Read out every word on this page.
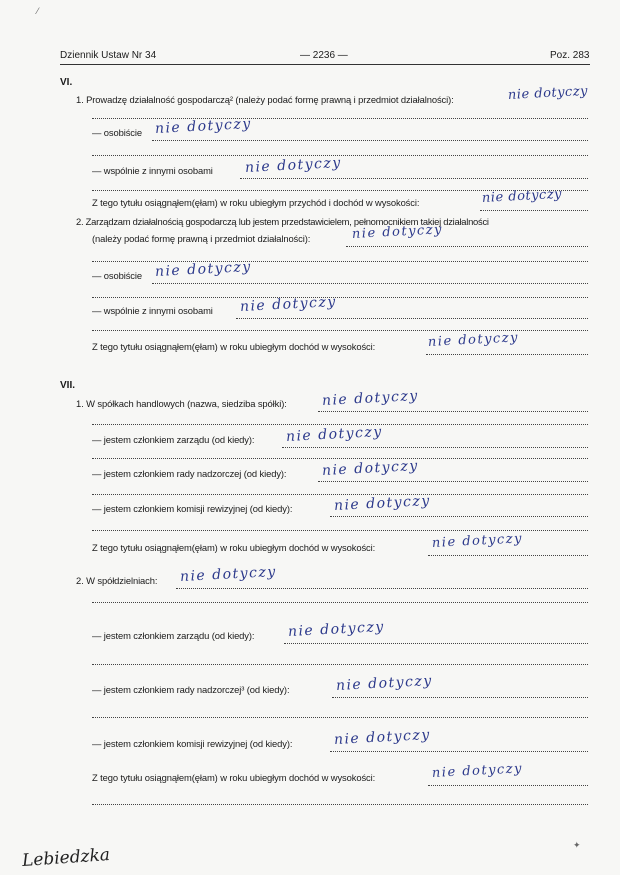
Dziennik Ustaw Nr 34	— 2236 —	Poz. 283
VI.
1. Prowadzę działalność gospodarczą² (należy podać formę prawną i przedmiot działalności):	nie dotyczy
— osobiście nie dotyczy
— wspólnie z innymi osobami nie dotyczy
Z tego tytułu osiągnąłem(ęłam) w roku ubiegłym przychód i dochód w wysokości:	nie dotyczy
2. Zarządzam działalnością gospodarczą lub jestem przedstawicielem, pełnomocnikiem takiej działalności
(należy podać formę prawną i przedmiot działalności):	nie dotyczy
— osobiście nie dotyczy
— wspólnie z innymi osobami nie dotyczy
Z tego tytułu osiągnąłem(ęłam) w roku ubiegłym dochód w wysokości:	nie dotyczy
VII.
1. W spółkach handlowych (nazwa, siedziba spółki): nie dotyczy
— jestem członkiem zarządu (od kiedy): nie dotyczy
— jestem członkiem rady nadzorczej (od kiedy):	nie dotyczy
— jestem członkiem komisji rewizyjnej (od kiedy):	nie dotyczy
Z tego tytułu osiągnąłem(ęłam) w roku ubiegłym dochód w wysokości:	nie dotyczy
2. W spółdzielniach: nie dotyczy
— jestem członkiem zarządu (od kiedy): nie dotyczy
— jestem członkiem rady nadzorczej³ (od kiedy):	nie dotyczy
— jestem członkiem komisji rewizyjnej (od kiedy):	nie dotyczy
Z tego tytułu osiągnąłem(ęłam) w roku ubiegłym dochód w wysokości:	nie dotyczy
⁄
✦
Lebiedzka
